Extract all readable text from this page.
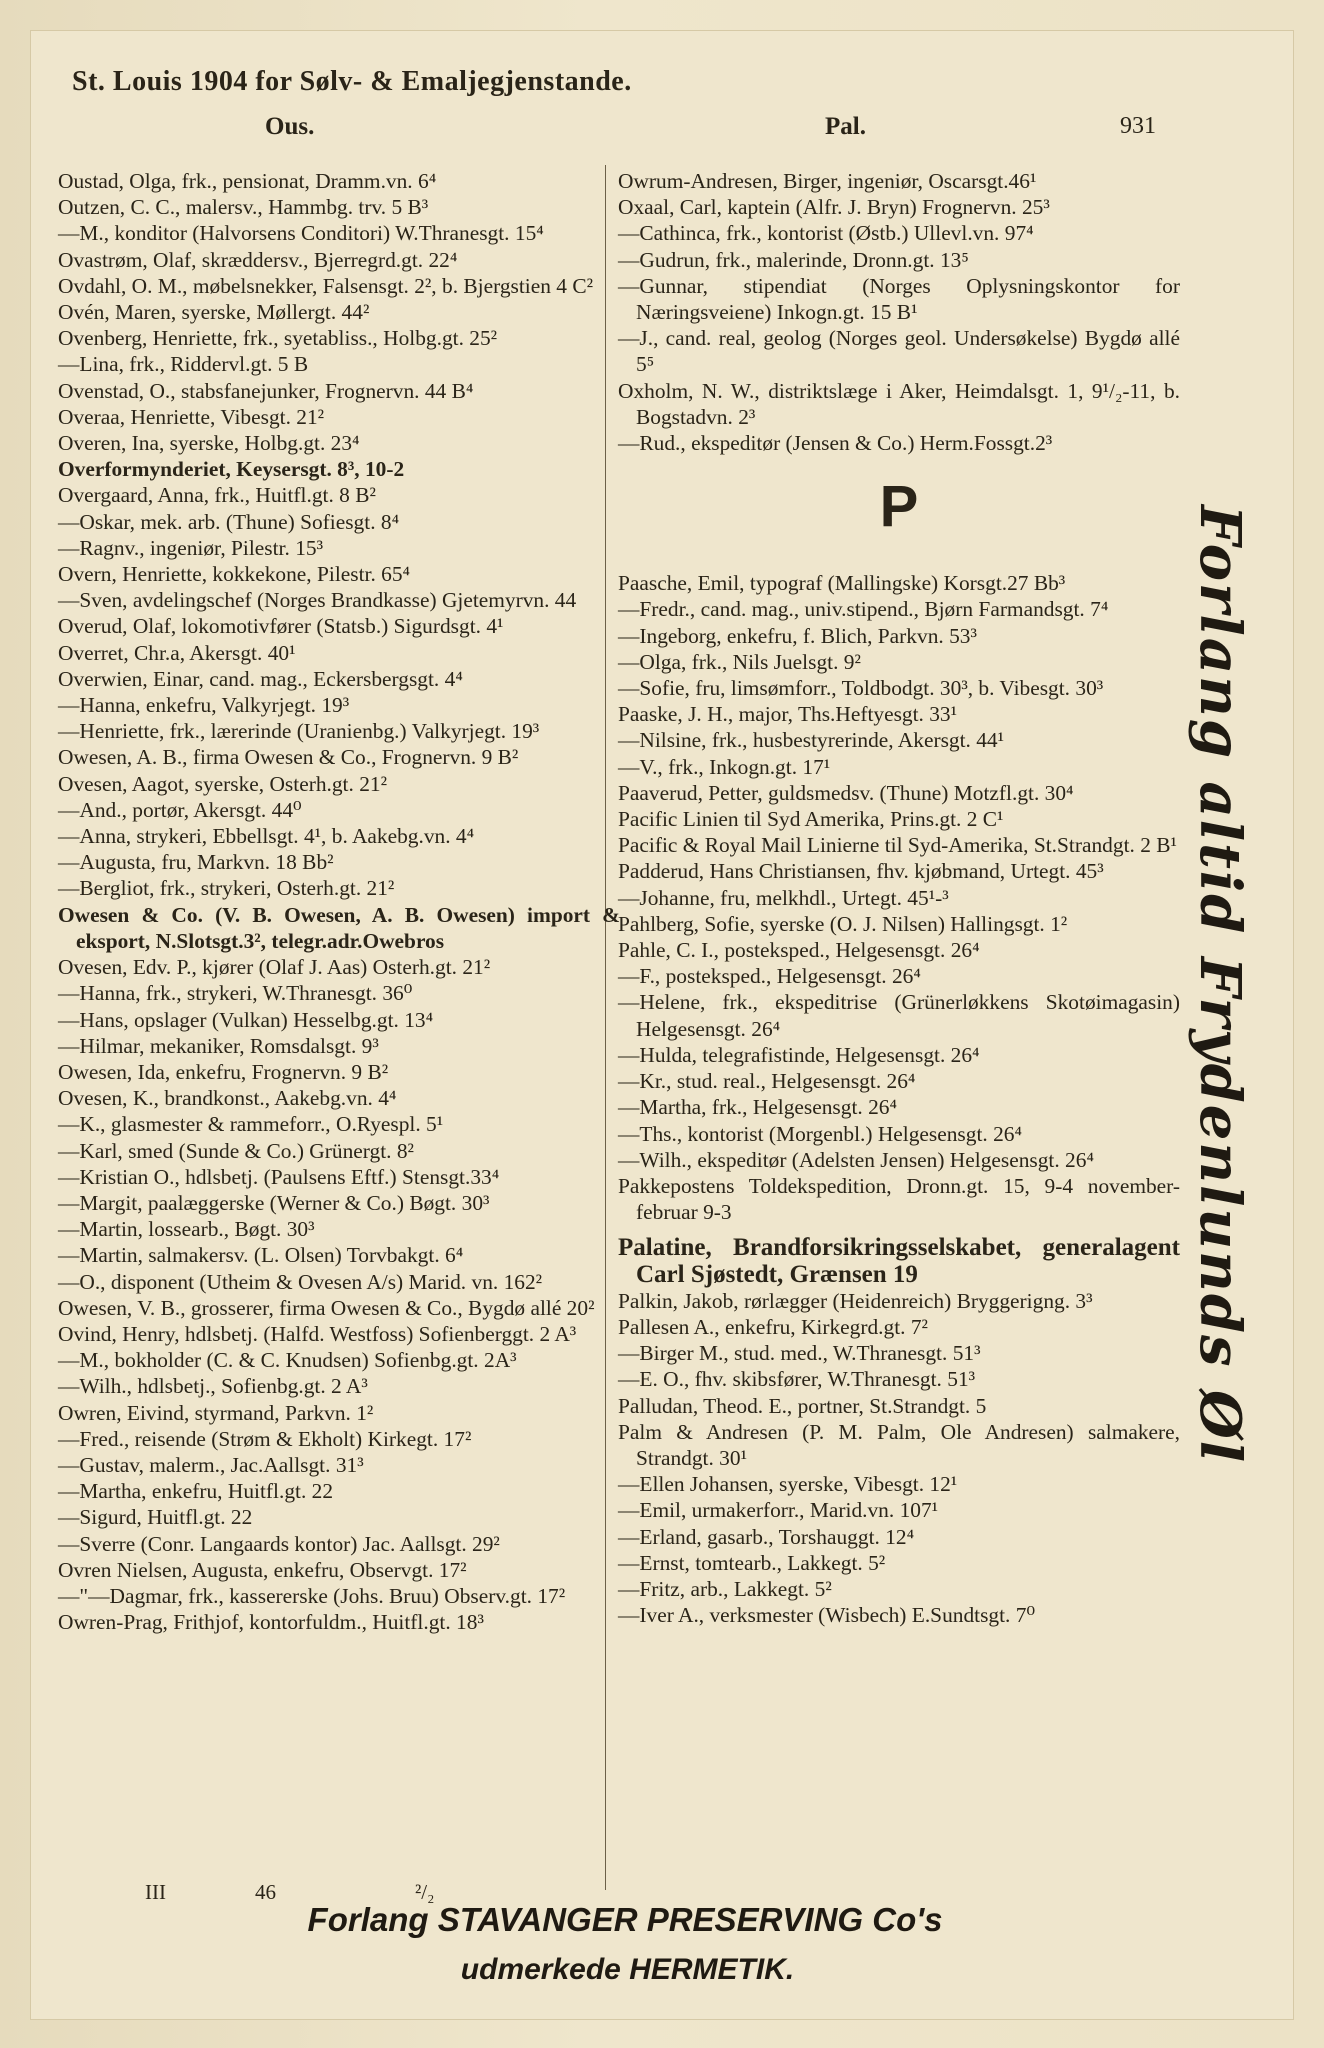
St. Louis 1904 for Sølv- & Emaljegjenstande.
Ous.	Pal.	931
Oustad, Olga, frk., pensionat, Dramm.vn. 6⁴
Outzen, C. C., malersv., Hammbg. trv. 5 B³
—M., konditor (Halvorsens Conditori) W.Thranesgt. 15⁴
Ovastrøm, Olaf, skræddersv., Bjerregrd.gt. 22⁴
Ovdahl, O. M., møbelsnekker, Falsensgt. 2², b. Bjergstien 4 C²
Ovén, Maren, syerske, Møllergt. 44²
Ovenberg, Henriette, frk., syetabliss., Holbg.gt. 25²
—Lina, frk., Riddervl.gt. 5 B
Ovenstad, O., stabsfanejunker, Frognervn. 44 B⁴
Overaa, Henriette, Vibesgt. 21²
Overen, Ina, syerske, Holbg.gt. 23⁴
Overformynderiet, Keysersgt. 8³, 10-2
Overgaard, Anna, frk., Huitfl.gt. 8 B²
—Oskar, mek. arb. (Thune) Sofiesgt. 8⁴
—Ragnv., ingeniør, Pilestr. 15³
Overn, Henriette, kokkekone, Pilestr. 65⁴
—Sven, avdelingschef (Norges Brandkasse) Gjetemyrvn. 44
Overud, Olaf, lokomotivfører (Statsb.) Sigurdsgt. 4¹
Overret, Chr.a, Akersgt. 40¹
Overwien, Einar, cand. mag., Eckersbergsgt. 4⁴
—Hanna, enkefru, Valkyrjegt. 19³
—Henriette, frk., lærerinde (Uranienbg.) Valkyrjegt. 19³
Owesen, A. B., firma Owesen & Co., Frognervn. 9 B²
Ovesen, Aagot, syerske, Osterh.gt. 21²
—And., portør, Akersgt. 44⁰
—Anna, strykeri, Ebbellsgt. 4¹, b. Aakebg.vn. 4⁴
—Augusta, fru, Markvn. 18 Bb²
—Bergliot, frk., strykeri, Osterh.gt. 21²
Owesen & Co. (V. B. Owesen, A. B. Owesen) import & eksport, N.Slotsgt.3², telegr.adr.Owebros
Ovesen, Edv. P., kjører (Olaf J. Aas) Osterh.gt. 21²
—Hanna, frk., strykeri, W.Thranesgt. 36⁰
—Hans, opslager (Vulkan) Hesselbg.gt. 13⁴
—Hilmar, mekaniker, Romsdalsgt. 9³
Owesen, Ida, enkefru, Frognervn. 9 B²
Ovesen, K., brandkonst., Aakebg.vn. 4⁴
—K., glasmester & rammeforr., O.Ryespl. 5¹
—Karl, smed (Sunde & Co.) Grünergt. 8²
—Kristian O., hdlsbetj. (Paulsens Eftf.) Stensgt.33⁴
—Margit, paalæggerske (Werner & Co.) Bøgt. 30³
—Martin, lossearb., Bøgt. 30³
—Martin, salmakersv. (L. Olsen) Torvbakgt. 6⁴
—O., disponent (Utheim & Ovesen A/s) Marid. vn. 162²
Owesen, V. B., grosserer, firma Owesen & Co., Bygdø allé 20²
Ovind, Henry, hdlsbetj. (Halfd. Westfoss) Sofienberggt. 2 A³
—M., bokholder (C. & C. Knudsen) Sofienbg.gt. 2A³
—Wilh., hdlsbetj., Sofienbg.gt. 2 A³
Owren, Eivind, styrmand, Parkvn. 1²
—Fred., reisende (Strøm & Ekholt) Kirkegt. 17²
—Gustav, malerm., Jac.Aallsgt. 31³
—Martha, enkefru, Huitfl.gt. 22
—Sigurd, Huitfl.gt. 22
—Sverre (Conr. Langaards kontor) Jac. Aallsgt. 29²
Ovren Nielsen, Augusta, enkefru, Observgt. 17²
—"—Dagmar, frk., kassererske (Johs. Bruu) Observ.gt. 17²
Owren-Prag, Frithjof, kontorfuldm., Huitfl.gt. 18³
Owrum-Andresen, Birger, ingeniør, Oscarsgt.46¹
Oxaal, Carl, kaptein (Alfr. J. Bryn) Frognervn. 25³
—Cathinca, frk., kontorist (Østb.) Ullevl.vn. 97⁴
—Gudrun, frk., malerinde, Dronn.gt. 13⁵
—Gunnar, stipendiat (Norges Oplysningskontor for Næringsveiene) Inkogn.gt. 15 B¹
—J., cand. real, geolog (Norges geol. Undersøkelse) Bygdø allé 5⁵
Oxholm, N. W., distriktslæge i Aker, Heimdalsgt. 1, 9¹/₂-11, b. Bogstadvn. 2³
—Rud., ekspeditør (Jensen & Co.) Herm.Fossgt.2³
P
Paasche, Emil, typograf (Mallingske) Korsgt.27 Bb³
—Fredr., cand. mag., univ.stipend., Bjørn Farmandsgt. 7⁴
—Ingeborg, enkefru, f. Blich, Parkvn. 53³
—Olga, frk., Nils Juelsgt. 9²
—Sofie, fru, limsømforr., Toldbodgt. 30³, b. Vibesgt. 30³
Paaske, J. H., major, Ths.Heftyesgt. 33¹
—Nilsine, frk., husbestyrerinde, Akersgt. 44¹
—V., frk., Inkogn.gt. 17¹
Paaverud, Petter, guldsmedsv. (Thune) Motzfl.gt. 30⁴
Pacific Linien til Syd Amerika, Prins.gt. 2 C¹
Pacific & Royal Mail Linierne til Syd-Amerika, St.Strandgt. 2 B¹
Padderud, Hans Christiansen, fhv. kjøbmand, Urtegt. 45³
—Johanne, fru, melkhdl., Urtegt. 45¹-³
Pahlberg, Sofie, syerske (O. J. Nilsen) Hallingsgt. 1²
Pahle, C. I., posteksped., Helgesensgt. 26⁴
—F., posteksped., Helgesensgt. 26⁴
—Helene, frk., ekspeditrise (Grünerløkkens Skotøimagasin) Helgesensgt. 26⁴
—Hulda, telegrafistinde, Helgesensgt. 26⁴
—Kr., stud. real., Helgesensgt. 26⁴
—Martha, frk., Helgesensgt. 26⁴
—Ths., kontorist (Morgenbl.) Helgesensgt. 26⁴
—Wilh., ekspeditør (Adelsten Jensen) Helgesensgt. 26⁴
Pakkepostens Toldekspedition, Dronn.gt. 15, 9-4 november-februar 9-3
Palatine, Brandforsikringsselskabet, generalagent Carl Sjøstedt, Grænsen 19
Palkin, Jakob, rørlægger (Heidenreich) Bryggerigng. 3³
Pallesen A., enkefru, Kirkegrd.gt. 7²
—Birger M., stud. med., W.Thranesgt. 51³
—E. O., fhv. skibsfører, W.Thranesgt. 51³
Palludan, Theod. E., portner, St.Strandgt. 5
Palm & Andresen (P. M. Palm, Ole Andresen) salmakere, Strandgt. 30¹
—Ellen Johansen, syerske, Vibesgt. 12¹
—Emil, urmakerforr., Marid.vn. 107¹
—Erland, gasarb., Torshauggt. 12⁴
—Ernst, tomtearb., Lakkegt. 5²
—Fritz, arb., Lakkegt. 5²
—Iver A., verksmester (Wisbech) E.Sundtsgt. 7⁰
Forlang altid Frydenlunds Øl
III	46	²/₂
Forlang STAVANGER PRESERVING Co's
udmerkede HERMETIK.
